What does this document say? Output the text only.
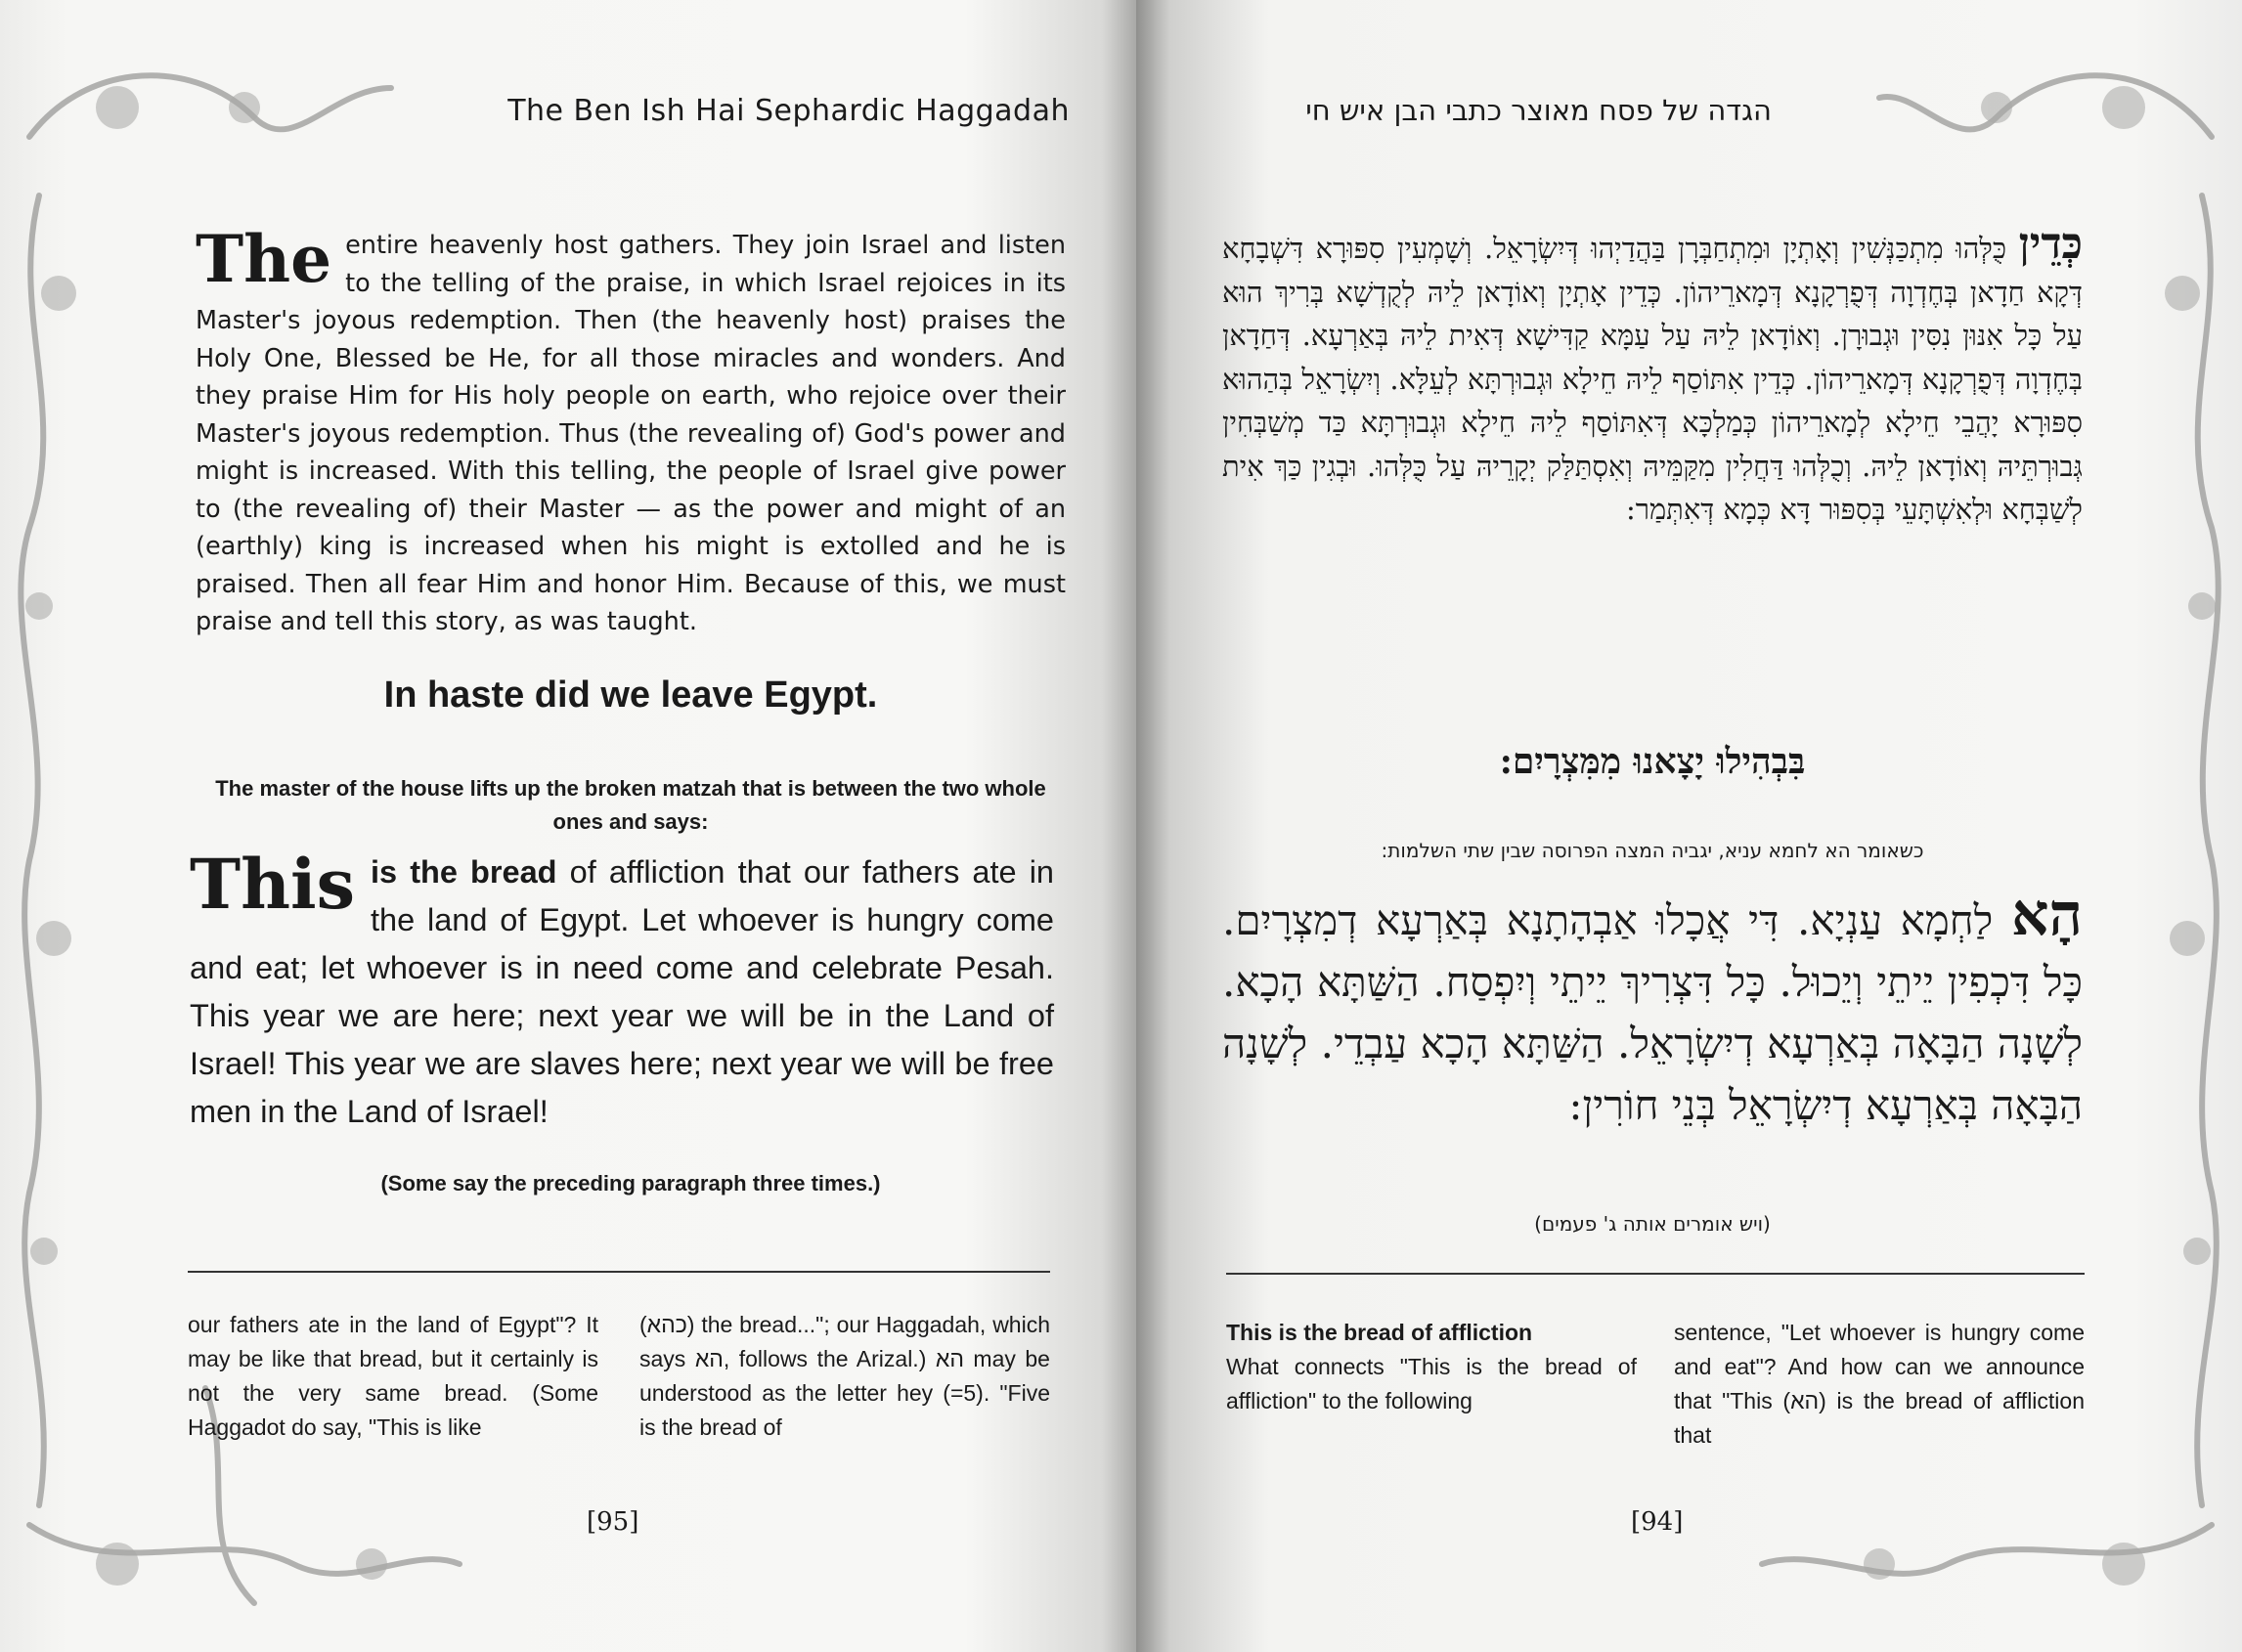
The Ben Ish Hai Sephardic Haggadah
The entire heavenly host gathers. They join Israel and listen to the telling of the praise, in which Israel rejoices in its Master's joyous redemption. Then (the heavenly host) praises the Holy One, Blessed be He, for all those miracles and wonders. And they praise Him for His holy people on earth, who rejoice over their Master's joyous redemption. Thus (the revealing of) God's power and might is increased. With this telling, the people of Israel give power to (the revealing of) their Master — as the power and might of an (earthly) king is increased when his might is extolled and he is praised. Then all fear Him and honor Him. Because of this, we must praise and tell this story, as was taught.
In haste did we leave Egypt.
The master of the house lifts up the broken matzah that is between the two whole ones and says:
This is the bread of affliction that our fathers ate in the land of Egypt. Let whoever is hungry come and eat; let whoever is in need come and celebrate Pesah. This year we are here; next year we will be in the Land of Israel! This year we are slaves here; next year we will be free men in the Land of Israel!
(Some say the preceding paragraph three times.)
our fathers ate in the land of Egypt"? It may be like that bread, but it certainly is not the very same bread. (Some Haggadot do say, "This is like
(כהא) the bread..."; our Haggadah, which says הא, follows the Arizal.) הא may be understood as the letter hey (=5). "Five is the bread of
[95]
הגדה של פסח מאוצר כתבי הבן איש חי
כְּדֵין כֻּלְּהוּ מִתְכַּנְּשִׁין וְאָתְיָן וּמִתְחַבְּרָן בַּהֲדַיְהוּ דְּיִשְׂרָאֵל. וְשָׁמְעִין סִפּוּרָא דִּשְׁבָחָא דְּקָא חַדָאן בְּחֶדְוָה דְּפֻרְקָנָא דְּמָארֵיהוֹן. כְּדֵין אָתְיָן וְאוֹדָאן לֵיהּ לְקֻדְשָׁא בְּרִיךְ הוּא עַל כָּל אִנּוּן נִסִּין וּגְבוּרָן. וְאוֹדָאן לֵיהּ עַל עַמָּא קַדִּישָׁא דְּאִית לֵיהּ בְּאַרְעָא. דְּחַדָאן בְּחֶדְוָה דְּפֻרְקָנָא דְּמָארֵיהוֹן. כְּדֵין אִתּוֹסַף לֵיהּ חֵילָא וּגְבוּרְתָּא לְעֵלָּא. וְיִשְׂרָאֵל בְּהַהוּא סִפּוּרָא יָהֲבֵי חֵילָא לְמָארֵיהוֹן כְּמַלְכָּא דְּאִתּוֹסַף לֵיהּ חֵילָא וּגְבוּרְתָּא כַּד מְשַׁבְּחִין גְּבוּרְתֵּיהּ וְאוֹדָאן לֵיהּ. וְכֻלְּהוּ דַּחֲלִין מִקַּמֵּיהּ וְאִסְתַּלַּק יְקָרֵיהּ עַל כֻּלְּהוּ. וּבְגִין כַּךְ אִית לְשַׁבְּחָא וּלְאִשְׁתָּעֵי בְּסִפּוּר דָּא כְּמָא דְּאִתְּמַר:
בִּבְהִילוּ יָצָאנוּ מִמִּצְרָיִם:
כשאומר הא לחמא עניא, יגביה המצה הפרוסה שבין שתי השלמות:
הָא לַחְמָא עַנְיָא. דִּי אֲכָלוּ אַבְהָתָנָא בְּאַרְעָא דְמִצְרָיִם. כָּל דִּכְפִין יֵיתֵי וְיֵכוּל. כָּל דִּצְרִיךְ יֵיתֵי וְיִפְסַח. הַשַּׁתָּא הָכָא. לְשָׁנָה הַבָּאָה בְּאַרְעָא דְיִשְׂרָאֵל. הַשַּׁתָּא הָכָא עַבְדֵי. לְשָׁנָה הַבָּאָה בְּאַרְעָא דְיִשְׂרָאֵל בְּנֵי חוֹרִין:
(ויש אומרים אותה ג' פעמים)
This is the bread of affliction
What connects "This is the bread of affliction" to the following
sentence, "Let whoever is hungry come and eat"? And how can we announce that "This (הא) is the bread of affliction that
[94]
